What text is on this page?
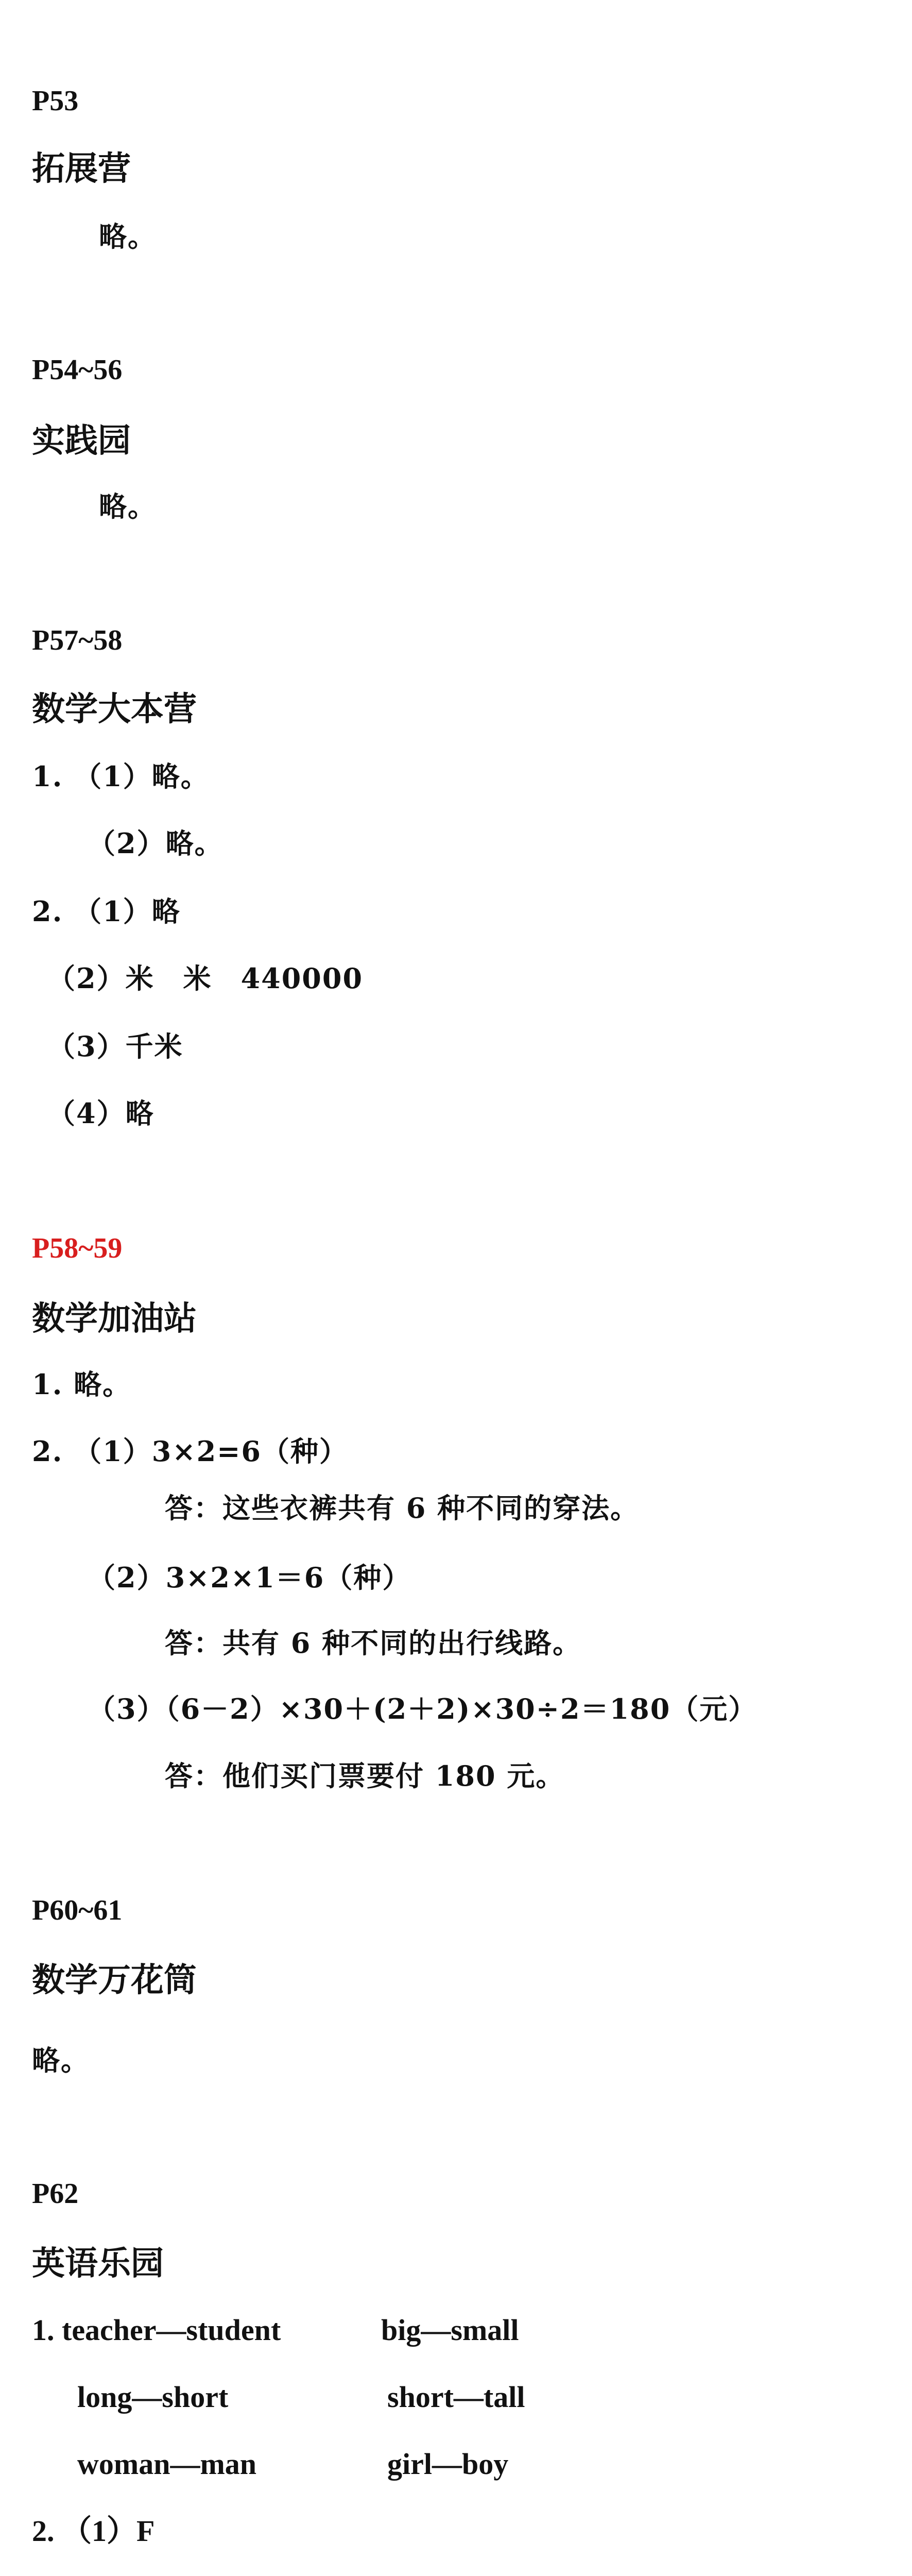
P53
拓展营
略。
P54~56
实践园
略。
P57~58
数学大本营
1. （1）略。
（2）略。
2. （1）略
（2）米　米　440000
（3）千米
（4）略
P58~59
数学加油站
1. 略。
2. （1）3×2=6（种）
答：这些衣裤共有 6 种不同的穿法。
（2）3×2×1＝6（种）
答：共有 6 种不同的出行线路。
（3）（6－2）×30＋(2＋2)×30÷2＝180（元）
答：他们买门票要付 180 元。
P60~61
数学万花筒
略。
P62
英语乐园
1. teacher—student	big—small
long—short	short—tall
woman—man	girl—boy
2. （1）F
